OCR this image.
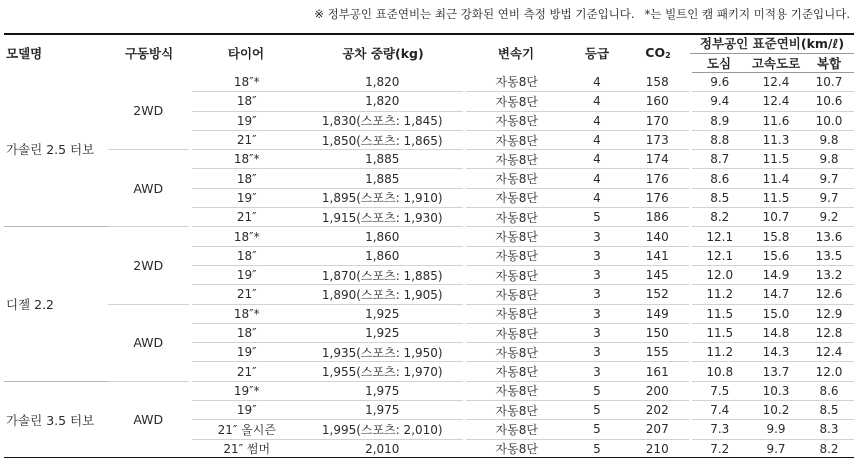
※ 정부공인 표준연비는 최근 강화된 연비 측정 방법 기준입니다. *는 빌트인 캠 패키지 미적용 기준입니다.
모델명	구동방식	타이어	공차 중량(kg)	변속기	등급	$CO_2$	정부공인 표준연비(km/ℓ)		
							도심	고속도로	복합
가솔린 2.5 터보	2WD	18″*	1,820	자동8단	4	158	9.6	12.4	10.7
		18″	1,820	자동8단	4	160	9.4	12.4	10.6
		19″	1,830(스포츠: 1,845)	자동8단	4	170	8.9	11.6	10.0
		21″	1,850(스포츠: 1,865)	자동8단	4	173	8.8	11.3	9.8
	AWD	18″*	1,885	자동8단	4	174	8.7	11.5	9.8
		18″	1,885	자동8단	4	176	8.6	11.4	9.7
		19″	1,895(스포츠: 1,910)	자동8단	4	176	8.5	11.5	9.7
		21″	1,915(스포츠: 1,930)	자동8단	5	186	8.2	10.7	9.2
디젤 2.2	2WD	18″*	1,860	자동8단	3	140	12.1	15.8	13.6
		18″	1,860	자동8단	3	141	12.1	15.6	13.5
		19″	1,870(스포츠: 1,885)	자동8단	3	145	12.0	14.9	13.2
		21″	1,890(스포츠: 1,905)	자동8단	3	152	11.2	14.7	12.6
	AWD	18″*	1,925	자동8단	3	149	11.5	15.0	12.9
		18″	1,925	자동8단	3	150	11.5	14.8	12.8
		19″	1,935(스포츠: 1,950)	자동8단	3	155	11.2	14.3	12.4
		21″	1,955(스포츠: 1,970)	자동8단	3	161	10.8	13.7	12.0
가솔린 3.5 터보	AWD	19″*	1,975	자동8단	5	200	7.5	10.3	8.6
		19″	1,975	자동8단	5	202	7.4	10.2	8.5
		21″ 올시즌	1,995(스포츠: 2,010)	자동8단	5	207	7.3	9.9	8.3
		21″ 썸머	2,010	자동8단	5	210	7.2	9.7	8.2
